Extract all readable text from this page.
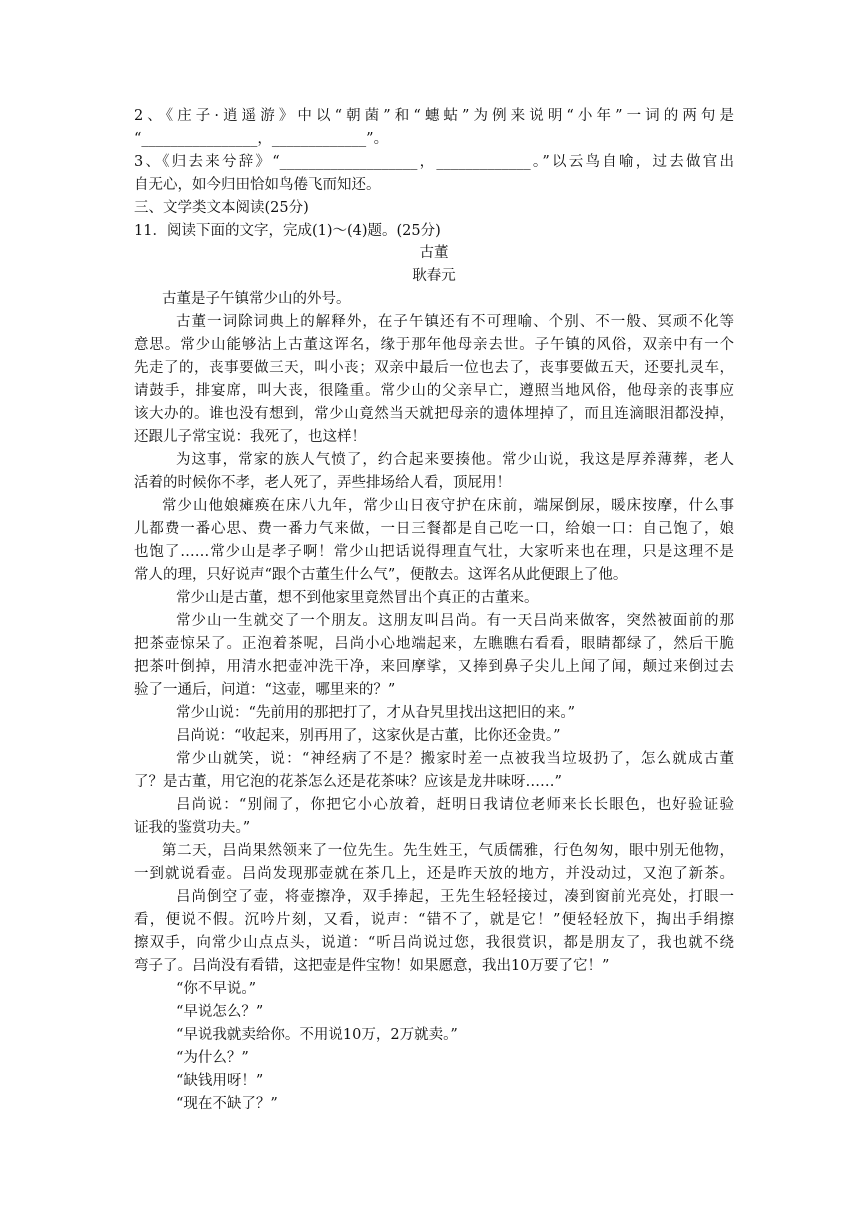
2、《庄子·逍遥游》中以“朝菌”和“蟪蛄”为例来说明“小年”一词的两句是
“________________，_____________”。
3、《归去来兮辞》“___________________，_____________。”以云鸟自喻，过去做官出
自无心，如今归田恰如鸟倦飞而知还。
三、文学类文本阅读(25分)
11．阅读下面的文字，完成(1)～(4)题。(25分)
古董
耿春元
古董是子午镇常少山的外号。
古董一词除词典上的解释外，在子午镇还有不可理喻、个别、不一般、冥顽不化等
意思。常少山能够沾上古董这诨名，缘于那年他母亲去世。子午镇的风俗，双亲中有一个
先走了的，丧事要做三天，叫小丧；双亲中最后一位也去了，丧事要做五天，还要扎灵车，
请鼓手，排宴席，叫大丧，很隆重。常少山的父亲早亡，遵照当地风俗，他母亲的丧事应
该大办的。谁也没有想到，常少山竟然当天就把母亲的遗体埋掉了，而且连滴眼泪都没掉，
还跟儿子常宝说：我死了，也这样！
为这事，常家的族人气愤了，约合起来要揍他。常少山说，我这是厚养薄葬，老人
活着的时候你不孝，老人死了，弄些排场给人看，顶屁用！
常少山他娘瘫痪在床八九年，常少山日夜守护在床前，端屎倒尿，暖床按摩，什么事
儿都费一番心思、费一番力气来做，一日三餐都是自己吃一口，给娘一口：自己饱了，娘
也饱了……常少山是孝子啊！常少山把话说得理直气壮，大家听来也在理，只是这理不是
常人的理，只好说声“跟个古董生什么气”，便散去。这诨名从此便跟上了他。
常少山是古董，想不到他家里竟然冒出个真正的古董来。
常少山一生就交了一个朋友。这朋友叫吕尚。有一天吕尚来做客，突然被面前的那
把茶壶惊呆了。正泡着茶呢，吕尚小心地端起来，左瞧瞧右看看，眼睛都绿了，然后干脆
把茶叶倒掉，用清水把壶冲洗干净，来回摩挲，又捧到鼻子尖儿上闻了闻，颠过来倒过去
验了一通后，问道：“这壶，哪里来的？”
常少山说：“先前用的那把打了，才从旮旯里找出这把旧的来。”
吕尚说：“收起来，别再用了，这家伙是古董，比你还金贵。”
常少山就笑，说：“神经病了不是？搬家时差一点被我当垃圾扔了，怎么就成古董
了？是古董，用它泡的花茶怎么还是花茶味？应该是龙井味呀……”
吕尚说：“别闹了，你把它小心放着，赶明日我请位老师来长长眼色，也好验证验
证我的鉴赏功夫。”
第二天，吕尚果然领来了一位先生。先生姓王，气质儒雅，行色匆匆，眼中别无他物，
一到就说看壶。吕尚发现那壶就在茶几上，还是昨天放的地方，并没动过，又泡了新茶。
吕尚倒空了壶，将壶擦净，双手捧起，王先生轻轻接过，凑到窗前光亮处，打眼一
看，便说不假。沉吟片刻，又看，说声：“错不了，就是它！”便轻轻放下，掏出手绢擦
擦双手，向常少山点点头，说道：“听吕尚说过您，我很赏识，都是朋友了，我也就不绕
弯子了。吕尚没有看错，这把壶是件宝物！如果愿意，我出10万要了它！”
“你不早说。”
“早说怎么？”
“早说我就卖给你。不用说10万，2万就卖。”
“为什么？”
“缺钱用呀！”
“现在不缺了？”
